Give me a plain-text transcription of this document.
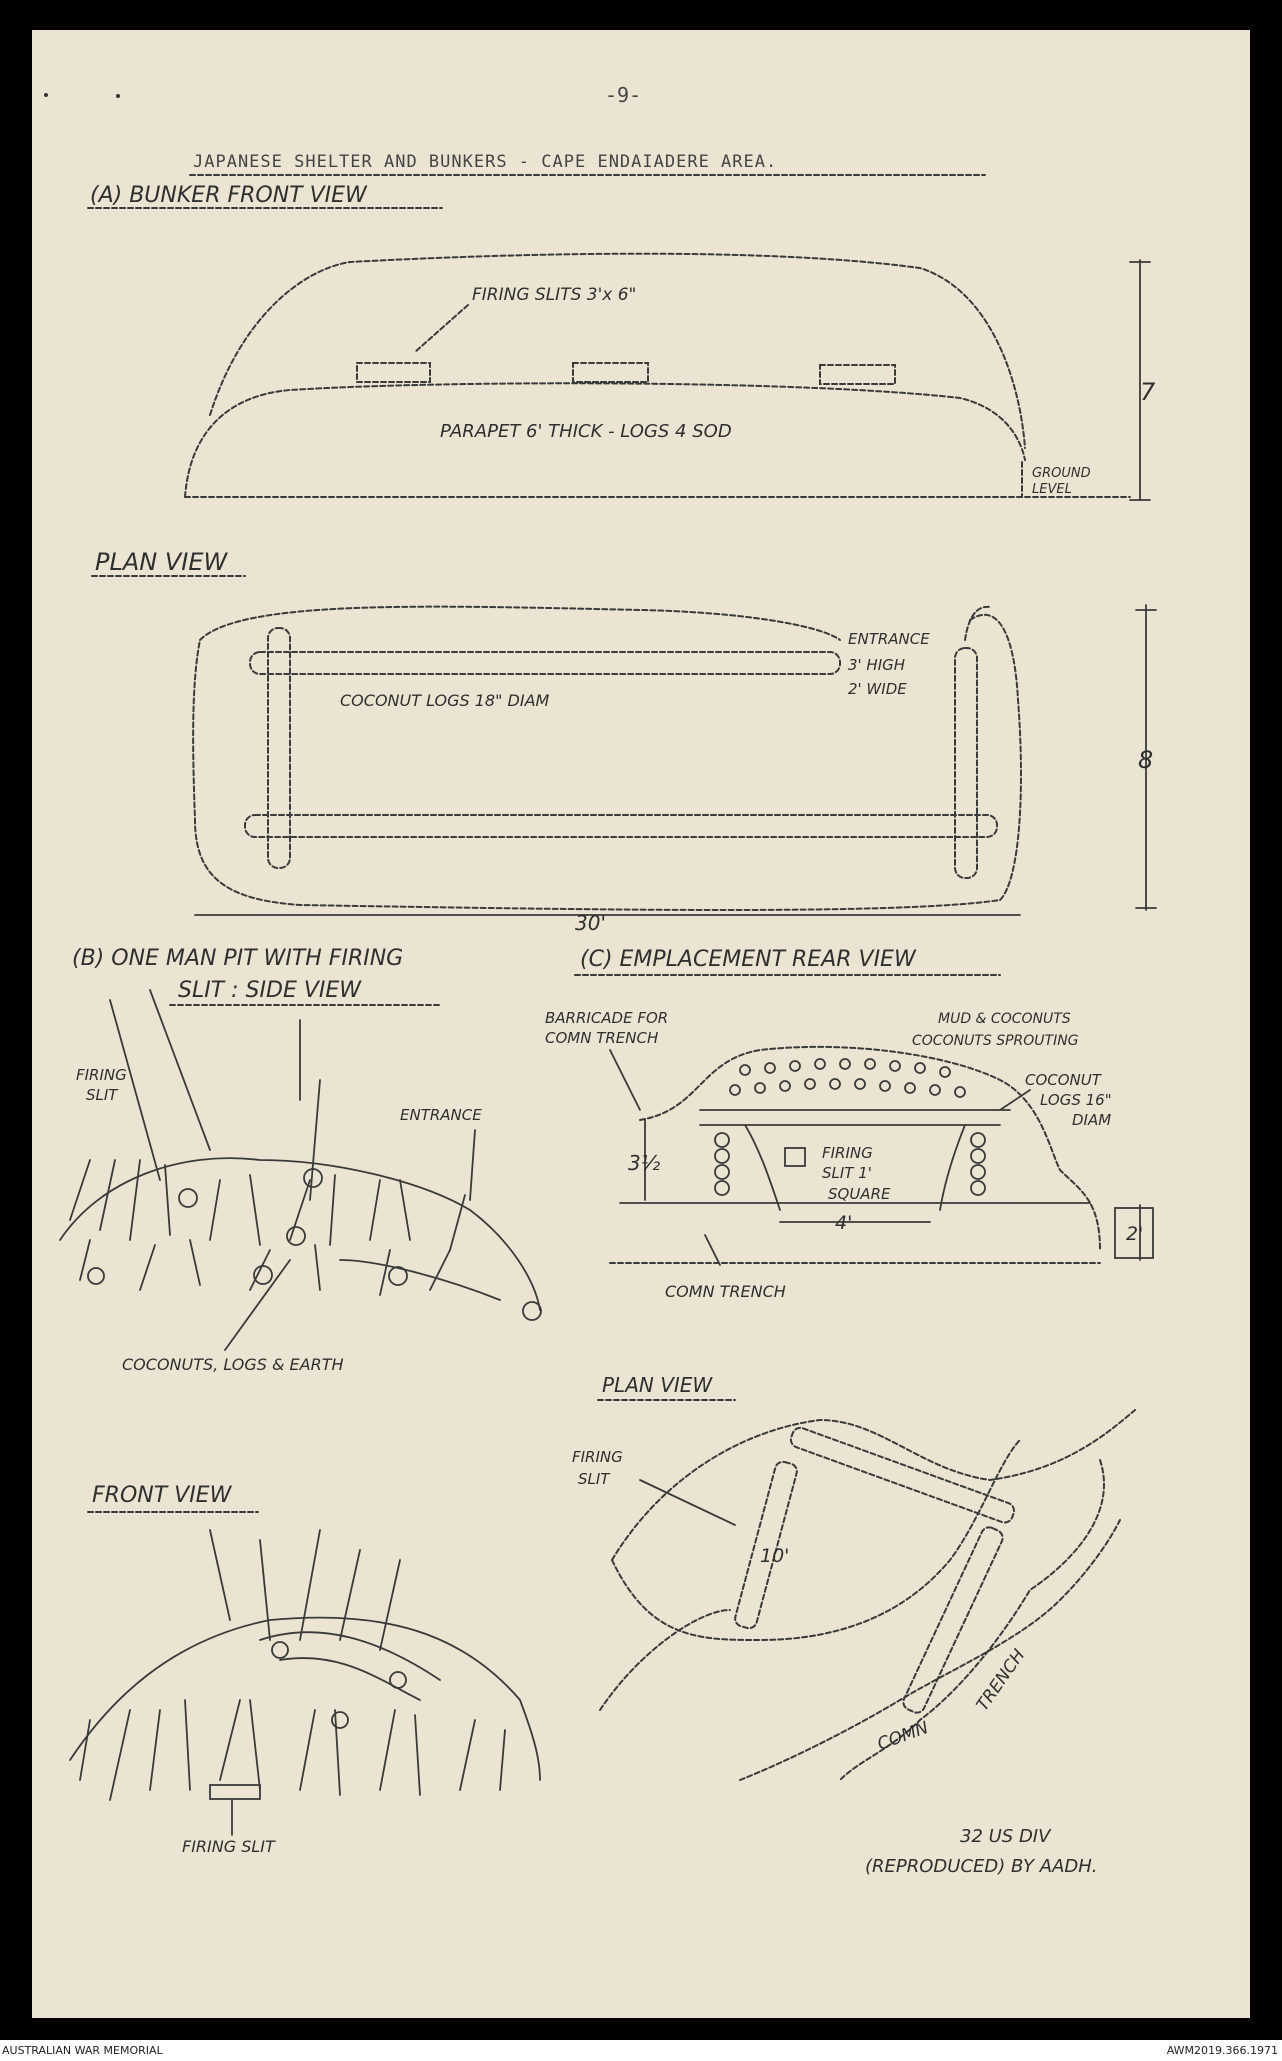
-9-
JAPANESE SHELTER AND BUNKERS - CAPE ENDAIADERE AREA.
(A) BUNKER FRONT VIEW
FIRING SLITS 3'x 6"
PARAPET 6' THICK - LOGS 4 SOD
GROUND
LEVEL
7
PLAN VIEW
COCONUT LOGS 18" DIAM
ENTRANCE
3' HIGH
2' WIDE
8
30'
(B) ONE MAN PIT WITH FIRING
SLIT : SIDE VIEW
FIRING
SLIT
ENTRANCE
COCONUTS, LOGS & EARTH
FRONT VIEW
FIRING SLIT
(C) EMPLACEMENT REAR VIEW
BARRICADE FOR
COMN TRENCH
MUD & COCONUTS
COCONUTS SPROUTING
COCONUT
LOGS 16"
DIAM
FIRING
SLIT 1'
SQUARE
3½
4'	2'
COMN TRENCH
PLAN VIEW
FIRING
SLIT
10'
COMN
TRENCH
32 US DIV
(REPRODUCED) BY AADH.
AUSTRALIAN WAR MEMORIAL	AWM2019.366.1971
